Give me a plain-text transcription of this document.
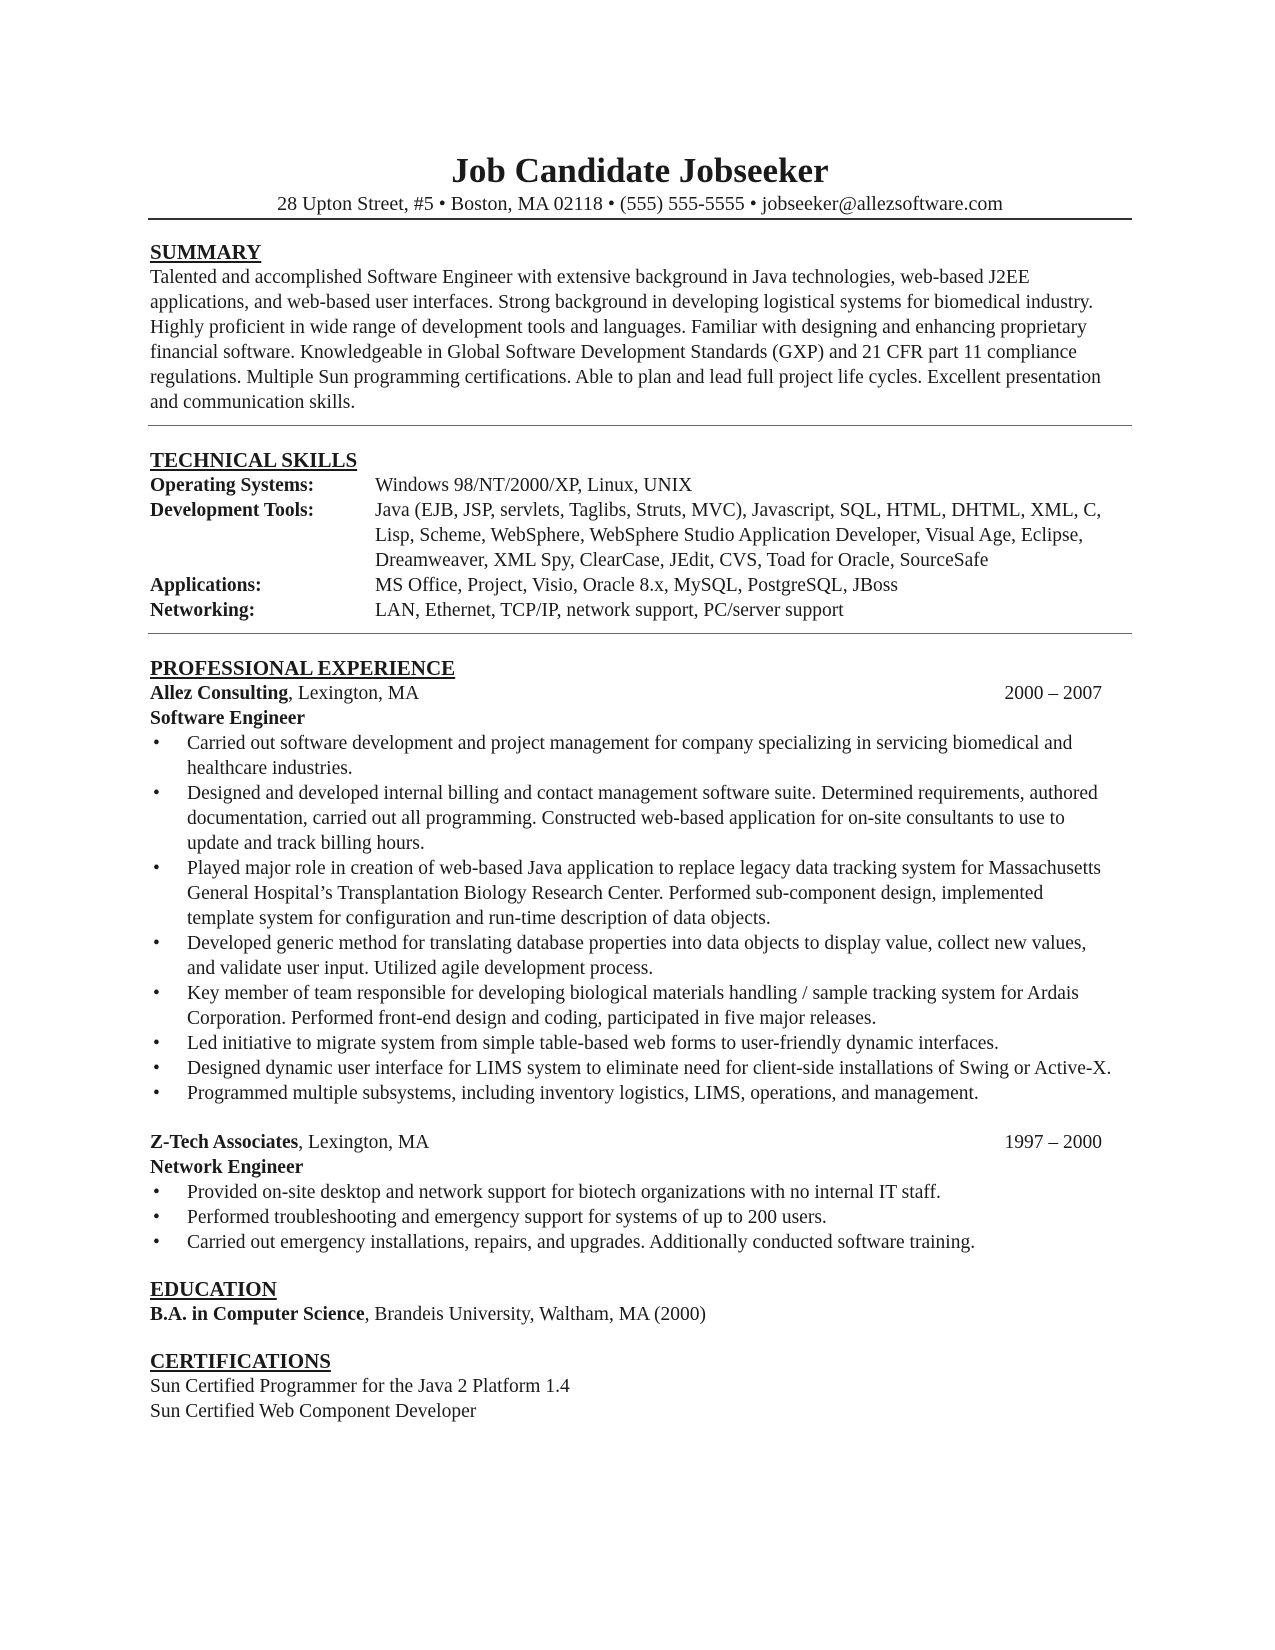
Job Candidate Jobseeker

28 Upton Street, #5 • Boston, MA 02118 • (555) 555-5555 • jobseeker@allezsoftware.com

SUMMARY

Talented and accomplished Software Engineer with extensive background in Java technologies, web-based J2EE applications, and web-based user interfaces. Strong background in developing logistical systems for biomedical industry. Highly proficient in wide range of development tools and languages. Familiar with designing and enhancing proprietary financial software. Knowledgeable in Global Software Development Standards (GXP) and 21 CFR part 11 compliance regulations. Multiple Sun programming certifications. Able to plan and lead full project life cycles. Excellent presentation and communication skills.

TECHNICAL SKILLS

Operating Systems:	Windows 98/NT/2000/XP, Linux, UNIX
Development Tools:	Java (EJB, JSP, servlets, Taglibs, Struts, MVC), Javascript, SQL, HTML, DHTML, XML, C, Lisp, Scheme, WebSphere, WebSphere Studio Application Developer, Visual Age, Eclipse, Dreamweaver, XML Spy, ClearCase, JEdit, CVS, Toad for Oracle, SourceSafe
Applications:	MS Office, Project, Visio, Oracle 8.x, MySQL, PostgreSQL, JBoss
Networking:	LAN, Ethernet, TCP/IP, network support, PC/server support

PROFESSIONAL EXPERIENCE

Allez Consulting, Lexington, MA	2000 – 2007
Software Engineer
• Carried out software development and project management for company specializing in servicing biomedical and healthcare industries.
• Designed and developed internal billing and contact management software suite. Determined requirements, authored documentation, carried out all programming. Constructed web-based application for on-site consultants to use to update and track billing hours.
• Played major role in creation of web-based Java application to replace legacy data tracking system for Massachusetts General Hospital’s Transplantation Biology Research Center. Performed sub-component design, implemented template system for configuration and run-time description of data objects.
• Developed generic method for translating database properties into data objects to display value, collect new values, and validate user input. Utilized agile development process.
• Key member of team responsible for developing biological materials handling / sample tracking system for Ardais Corporation. Performed front-end design and coding, participated in five major releases.
• Led initiative to migrate system from simple table-based web forms to user-friendly dynamic interfaces.
• Designed dynamic user interface for LIMS system to eliminate need for client-side installations of Swing or Active-X.
• Programmed multiple subsystems, including inventory logistics, LIMS, operations, and management.
Z-Tech Associates, Lexington, MA	1997 – 2000
Network Engineer
• Provided on-site desktop and network support for biotech organizations with no internal IT staff.
• Performed troubleshooting and emergency support for systems of up to 200 users.
• Carried out emergency installations, repairs, and upgrades. Additionally conducted software training.

EDUCATION

B.A. in Computer Science, Brandeis University, Waltham, MA (2000)

CERTIFICATIONS

Sun Certified Programmer for the Java 2 Platform 1.4

Sun Certified Web Component Developer
